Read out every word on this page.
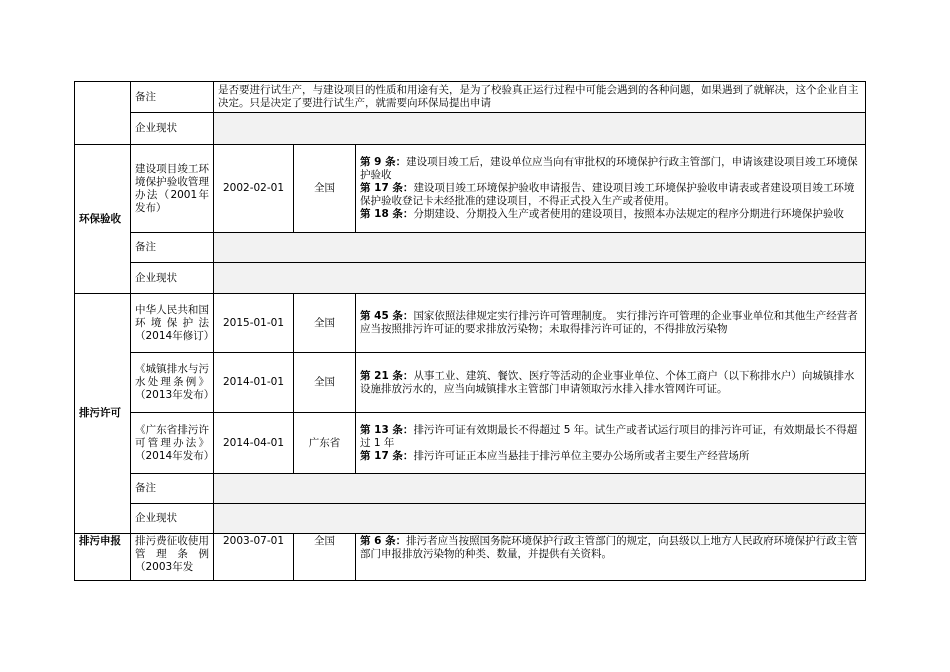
	备注	是否要进行试生产，与建设项目的性质和用途有关，是为了校验真正运行过程中可能会遇到的各种问题，如果遇到了就解决，这个企业自主决定。只是决定了要进行试生产，就需要向环保局提出申请		
	企业现状			
环保验收	建设项目竣工环境保护验收管理办法（2001年发布）	2002-02-01	全国	第 9 条：建设项目竣工后，建设单位应当向有审批权的环境保护行政主管部门，申请该建设项目竣工环境保护验收
第 17 条：建设项目竣工环境保护验收申请报告、建设项目竣工环境保护验收申请表或者建设项目竣工环境保护验收登记卡未经批准的建设项目，不得正式投入生产或者使用。
第 18 条：分期建设、分期投入生产或者使用的建设项目，按照本办法规定的程序分期进行环境保护验收

	备注			
	企业现状			
排污许可	中华人民共和国环境保护法（2014年修订）	2015-01-01	全国	第 45 条：国家依照法律规定实行排污许可管理制度。 实行排污许可管理的企业事业单位和其他生产经营者应当按照排污许可证的要求排放污染物；未取得排污许可证的，不得排放污染物

	《城镇排水与污水处理条例》（2013年发布）	2014-01-01	全国	第 21 条：从事工业、建筑、餐饮、医疗等活动的企业事业单位、个体工商户（以下称排水户）向城镇排水设施排放污水的，应当向城镇排水主管部门申请领取污水排入排水管网许可证。

	《广东省排污许可管理办法》（2014年发布）	2014-04-01	广东省	第 13 条：排污许可证有效期最长不得超过 5 年。试生产或者试运行项目的排污许可证，有效期最长不得超过 1 年
第 17 条：排污许可证正本应当悬挂于排污单位主要办公场所或者主要生产经营场所

	备注			
	企业现状			
排污申报	排污费征收使用管理条例（2003年发	2003-07-01	全国	第 6 条：排污者应当按照国务院环境保护行政主管部门的规定，向县级以上地方人民政府环境保护行政主管部门申报排放污染物的种类、数量，并提供有关资料。
